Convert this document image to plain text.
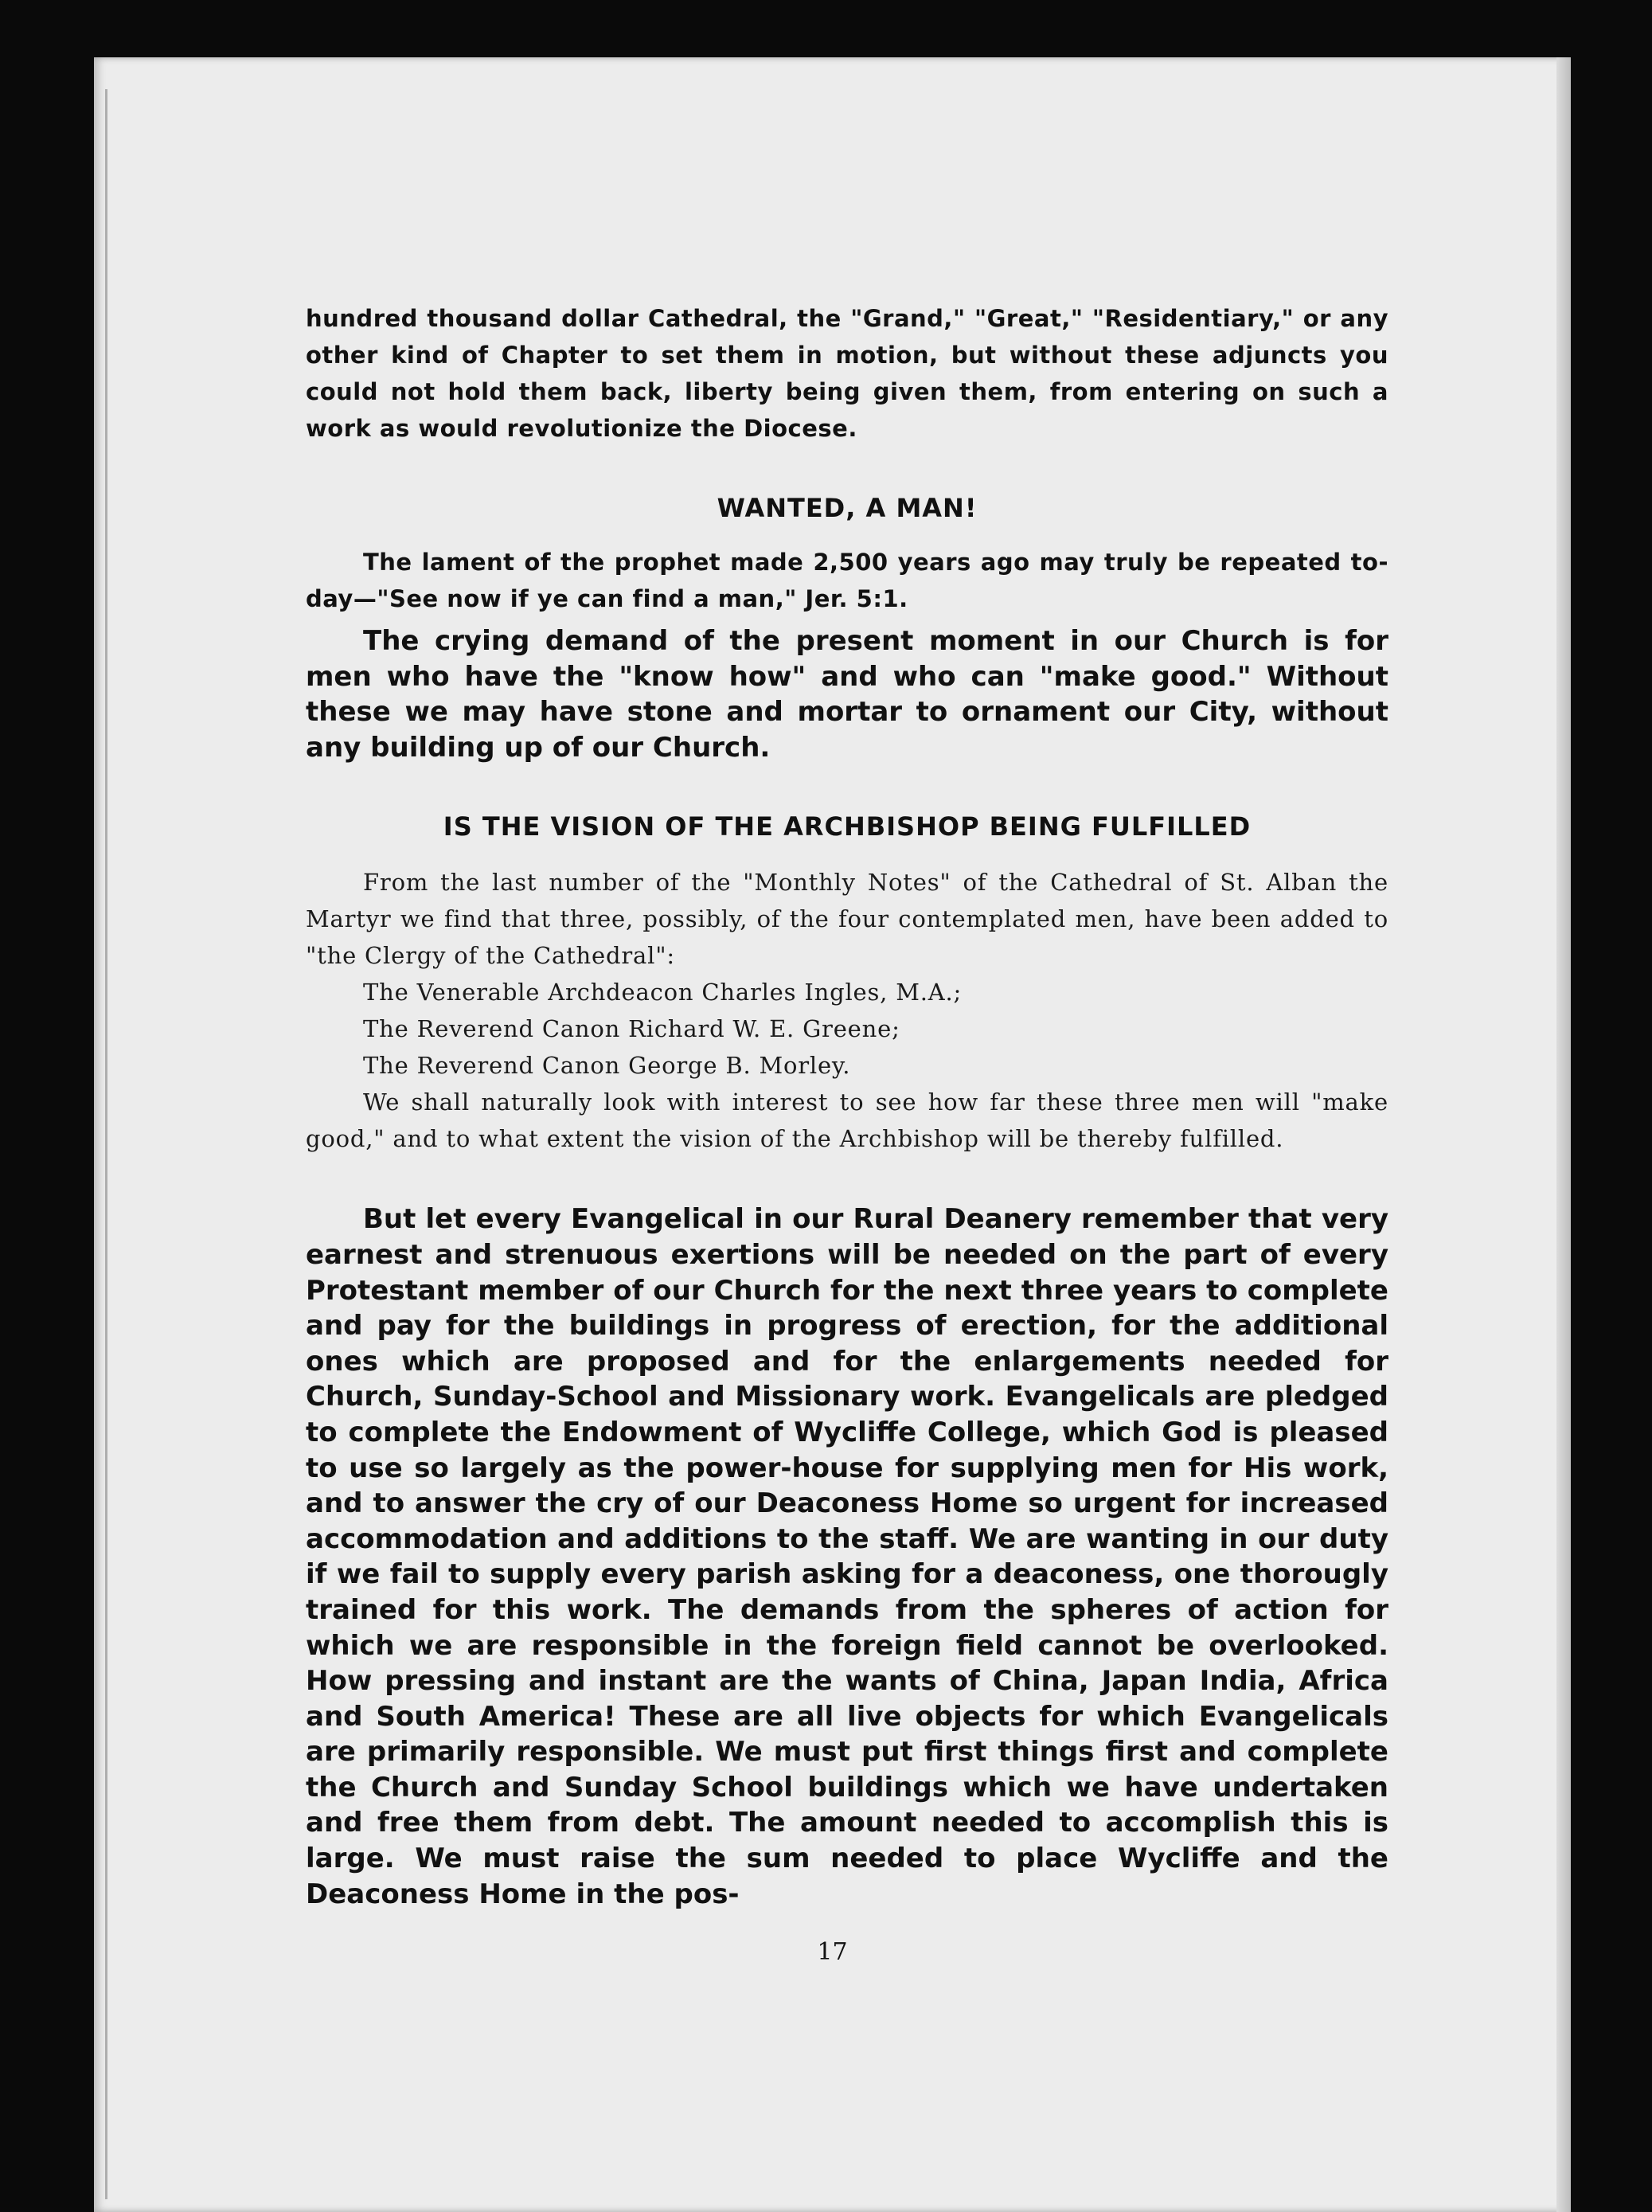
hundred thousand dollar Cathedral, the "Grand," "Great," "Residentiary," or any other kind of Chapter to set them in motion, but without these adjuncts you could not hold them back, liberty being given them, from entering on such a work as would revolutionize the Diocese.

WANTED, A MAN!

The lament of the prophet made 2,500 years ago may truly be repeated to-day—"See now if ye can find a man," Jer. 5:1.

The crying demand of the present moment in our Church is for men who have the "know how" and who can "make good." Without these we may have stone and mortar to ornament our City, without any building up of our Church.

IS THE VISION OF THE ARCHBISHOP BEING FULFILLED

From the last number of the "Monthly Notes" of the Cathedral of St. Alban the Martyr we find that three, possibly, of the four contemplated men, have been added to "the Clergy of the Cathedral":

The Venerable Archdeacon Charles Ingles, M.A.;

The Reverend Canon Richard W. E. Greene;

The Reverend Canon George B. Morley.

We shall naturally look with interest to see how far these three men will "make good," and to what extent the vision of the Archbishop will be thereby fulfilled.

But let every Evangelical in our Rural Deanery remember that very earnest and strenuous exertions will be needed on the part of every Protestant member of our Church for the next three years to complete and pay for the buildings in progress of erection, for the additional ones which are proposed and for the enlargements needed for Church, Sunday-School and Missionary work. Evangelicals are pledged to complete the Endowment of Wycliffe College, which God is pleased to use so largely as the power-house for supplying men for His work, and to answer the cry of our Deaconess Home so urgent for increased accommodation and additions to the staff. We are wanting in our duty if we fail to supply every parish asking for a deaconess, one thorougly trained for this work. The demands from the spheres of action for which we are responsible in the foreign field cannot be overlooked. How pressing and instant are the wants of China, Japan India, Africa and South America! These are all live objects for which Evangelicals are primarily responsible. We must put first things first and complete the Church and Sunday School buildings which we have undertaken and free them from debt. The amount needed to accomplish this is large. We must raise the sum needed to place Wycliffe and the Deaconess Home in the pos-

17
